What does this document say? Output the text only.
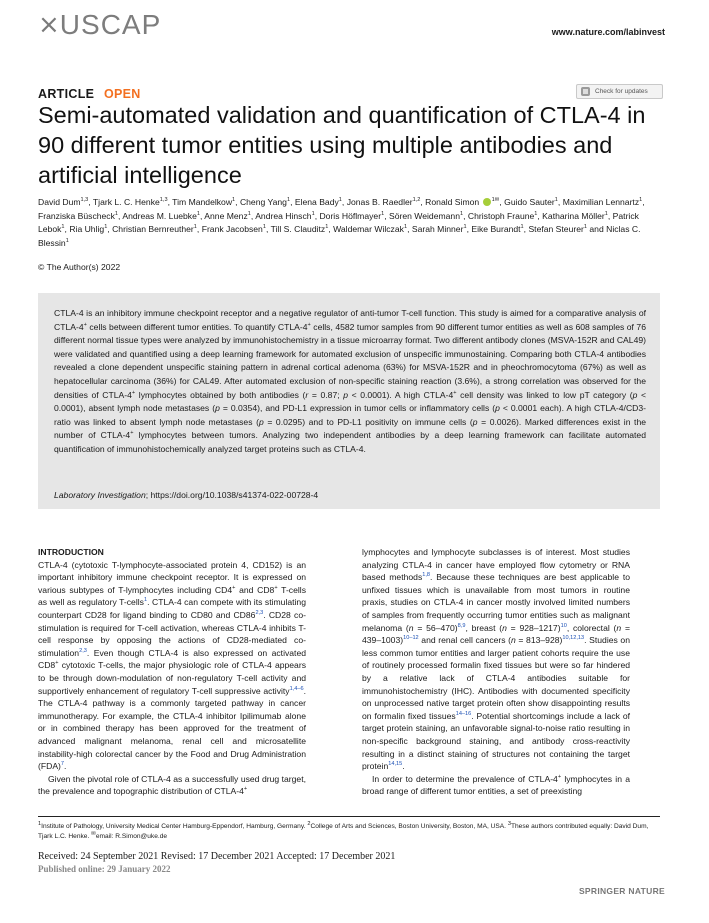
⨯ USCAP	www.nature.com/labinvest
ARTICLE OPEN	Check for updates
Semi-automated validation and quantification of CTLA-4 in 90 different tumor entities using multiple antibodies and artificial intelligence
David Dum$^{1,3}$, Tjark L. C. Henke$^{1,3}$, Tim Mandelkow$^1$, Cheng Yang$^1$, Elena Bady$^1$, Jonas B. Raedler$^{1,2}$, Ronald Simon $^{1✉}$, Guido Sauter$^1$, Maximilian Lennartz$^1$, Franziska Büscheck$^1$, Andreas M. Luebke$^1$, Anne Menz$^1$, Andrea Hinsch$^1$, Doris Höflmayer$^1$, Sören Weidemann$^1$, Christoph Fraune$^1$, Katharina Möller$^1$, Patrick Lebok$^1$, Ria Uhlig$^1$, Christian Bernreuther$^1$, Frank Jacobsen$^1$, Till S. Clauditz$^1$, Waldemar Wilczak$^1$, Sarah Minner$^1$, Eike Burandt$^1$, Stefan Steurer$^1$ and Niclas C. Blessin$^1$
© The Author(s) 2022
CTLA-4 is an inhibitory immune checkpoint receptor and a negative regulator of anti-tumor T-cell function. This study is aimed for a comparative analysis of CTLA-4+ cells between different tumor entities. To quantify CTLA-4+ cells, 4582 tumor samples from 90 different tumor entities as well as 608 samples of 76 different normal tissue types were analyzed by immunohistochemistry in a tissue microarray format. Two different antibody clones (MSVA-152R and CAL49) were validated and quantified using a deep learning framework for automated exclusion of unspecific immunostaining. Comparing both CTLA-4 antibodies revealed a clone dependent unspecific staining pattern in adrenal cortical adenoma (63%) for MSVA-152R and in pheochromocytoma (67%) as well as hepatocellular carcinoma (36%) for CAL49. After automated exclusion of non-specific staining reaction (3.6%), a strong correlation was observed for the densities of CTLA-4+ lymphocytes obtained by both antibodies (r = 0.87; p < 0.0001). A high CTLA-4+ cell density was linked to low pT category (p < 0.0001), absent lymph node metastases (p = 0.0354), and PD-L1 expression in tumor cells or inflammatory cells (p < 0.0001 each). A high CTLA-4/CD3-ratio was linked to absent lymph node metastases (p = 0.0295) and to PD-L1 positivity on immune cells (p = 0.0026). Marked differences exist in the number of CTLA-4+ lymphocytes between tumors. Analyzing two independent antibodies by a deep learning framework can facilitate automated quantification of immunohistochemically analyzed target proteins such as CTLA-4.
Laboratory Investigation; https://doi.org/10.1038/s41374-022-00728-4
INTRODUCTION

CTLA-4 (cytotoxic T-lymphocyte-associated protein 4, CD152) is an important inhibitory immune checkpoint receptor. It is expressed on various subtypes of T-lymphocytes including CD4+ and CD8+ T-cells as well as regulatory T-cells$^1$. CTLA-4 can compete with its stimulating counterpart CD28 for ligand binding to CD80 and CD86$^{2,3}$. CD28 co-stimulation is required for T-cell activation, whereas CTLA-4 inhibits T-cell response by opposing the actions of CD28-mediated co-stimulation$^{2,3}$. Even though CTLA-4 is also expressed on activated CD8+ cytotoxic T-cells, the major physiologic role of CTLA-4 appears to be through down-modulation of non-regulatory T-cell activity and supportively enhancement of regulatory T-cell suppressive activity$^{1,4-6}$. The CTLA-4 pathway is a commonly targeted pathway in cancer immunotherapy. For example, the CTLA-4 inhibitor Ipilimumab alone or in combined therapy has been approved for the treatment of advanced malignant melanoma, renal cell and microsatellite instability-high colorectal cancer by the Food and Drug Administration (FDA)$^7$.

Given the pivotal role of CTLA-4 as a successfully used drug target, the prevalence and topographic distribution of CTLA-4+

lymphocytes and lymphocyte subclasses is of interest. Most studies analyzing CTLA-4 in cancer have employed flow cytometry or RNA based methods$^{1,8}$. Because these techniques are best applicable to unfixed tissues which is unavailable from most tumors in routine praxis, studies on CTLA-4 in cancer mostly involved limited numbers of samples from frequently occurring tumor entities such as malignant melanoma (n = 56–470)$^{8,9}$, breast (n = 928–1217)$^{10}$, colorectal (n = 439–1003)$^{10-12}$ and renal cell cancers (n = 813–928)$^{10,12,13}$. Studies on less common tumor entities and larger patient cohorts require the use of routinely processed formalin fixed tissues but were so far hindered by a relative lack of CTLA-4 antibodies suitable for immunohistochemistry (IHC). Antibodies with documented specificity on unprocessed native target protein often show disappointing results on formalin fixed tissues$^{14-16}$. Potential shortcomings include a lack of target protein staining, an unfavorable signal-to-noise ratio resulting in non-specific background staining, and antibody cross-reactivity resulting in a distinct staining of structures not containing the target protein$^{14,15}$.

In order to determine the prevalence of CTLA-4+ lymphocytes in a broad range of different tumor entities, a set of preexisting

$^1$Institute of Pathology, University Medical Center Hamburg-Eppendorf, Hamburg, Germany. $^2$College of Arts and Sciences, Boston University, Boston, MA, USA. $^3$These authors contributed equally: David Dum, Tjark L.C. Henke. ✉email: R.Simon@uke.de
Received: 24 September 2021 Revised: 17 December 2021 Accepted: 17 December 2021
Published online: 29 January 2022
SPRINGER NATURE
